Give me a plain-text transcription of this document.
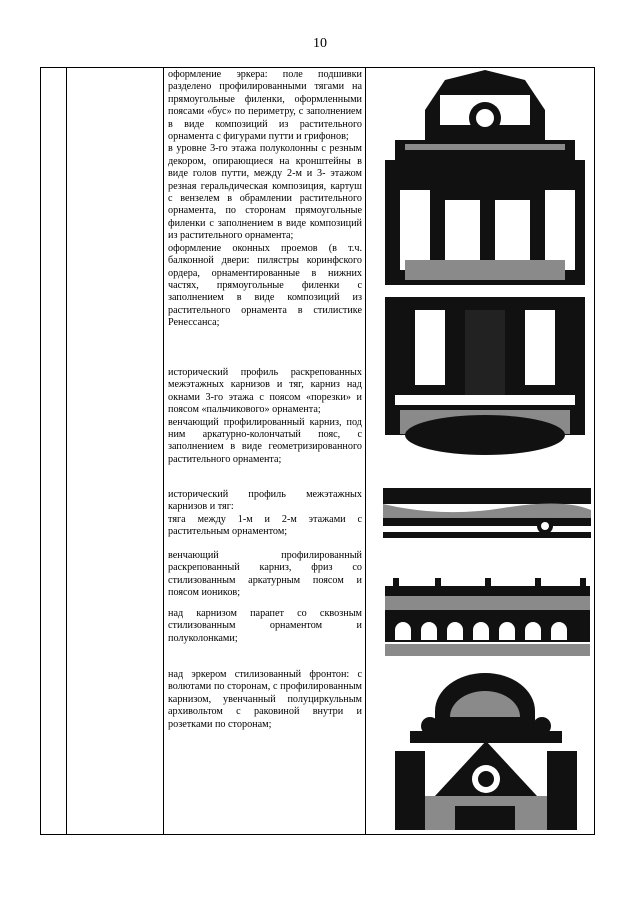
10

оформление эркера: поле подшивки разделено профилированными тягами на прямоугольные филенки, оформленными поясами «бус» по периметру, с заполнением в виде композиций из растительного орнамента с фигурами путти и грифонов;

в уровне 3-го этажа полуколонны с резным декором, опирающиеся на кронштейны в виде голов путти, между 2-м и 3- этажом резная геральдическая композиция, картуш с вензелем в обрамлении растительного орнамента, по сторонам прямоугольные филенки с заполнением в виде композиций из растительного орнамента;

оформление оконных проемов (в т.ч. балконной двери: пилястры коринфского ордера, орнаментированные в нижних частях, прямоугольные филенки с заполнением в виде композиций из растительного орнамента в стилистике Ренессанса;

исторический профиль раскрепованных межэтажных карнизов и тяг, карниз над окнами 3-го этажа с поясом «порезки» и поясом «пальчикового» орнамента;

венчающий профилированный карниз, под ним аркатурно-колончатый пояс, с заполнением в виде геометризированного растительного орнамента;

исторический профиль межэтажных карнизов и тяг:

тяга между 1-м и 2-м этажами с растительным орнаментом;

венчающий профилированный раскрепованный карниз, фриз со стилизованным аркатурным поясом и поясом иоников;

над карнизом парапет со сквозным стилизованным орнаментом и полуколонками;

над эркером стилизованный фронтон: с волютами по сторонам, с профилированным карнизом, увенчанный полуциркульным архивольтом с раковиной внутри и розетками по сторонам;
